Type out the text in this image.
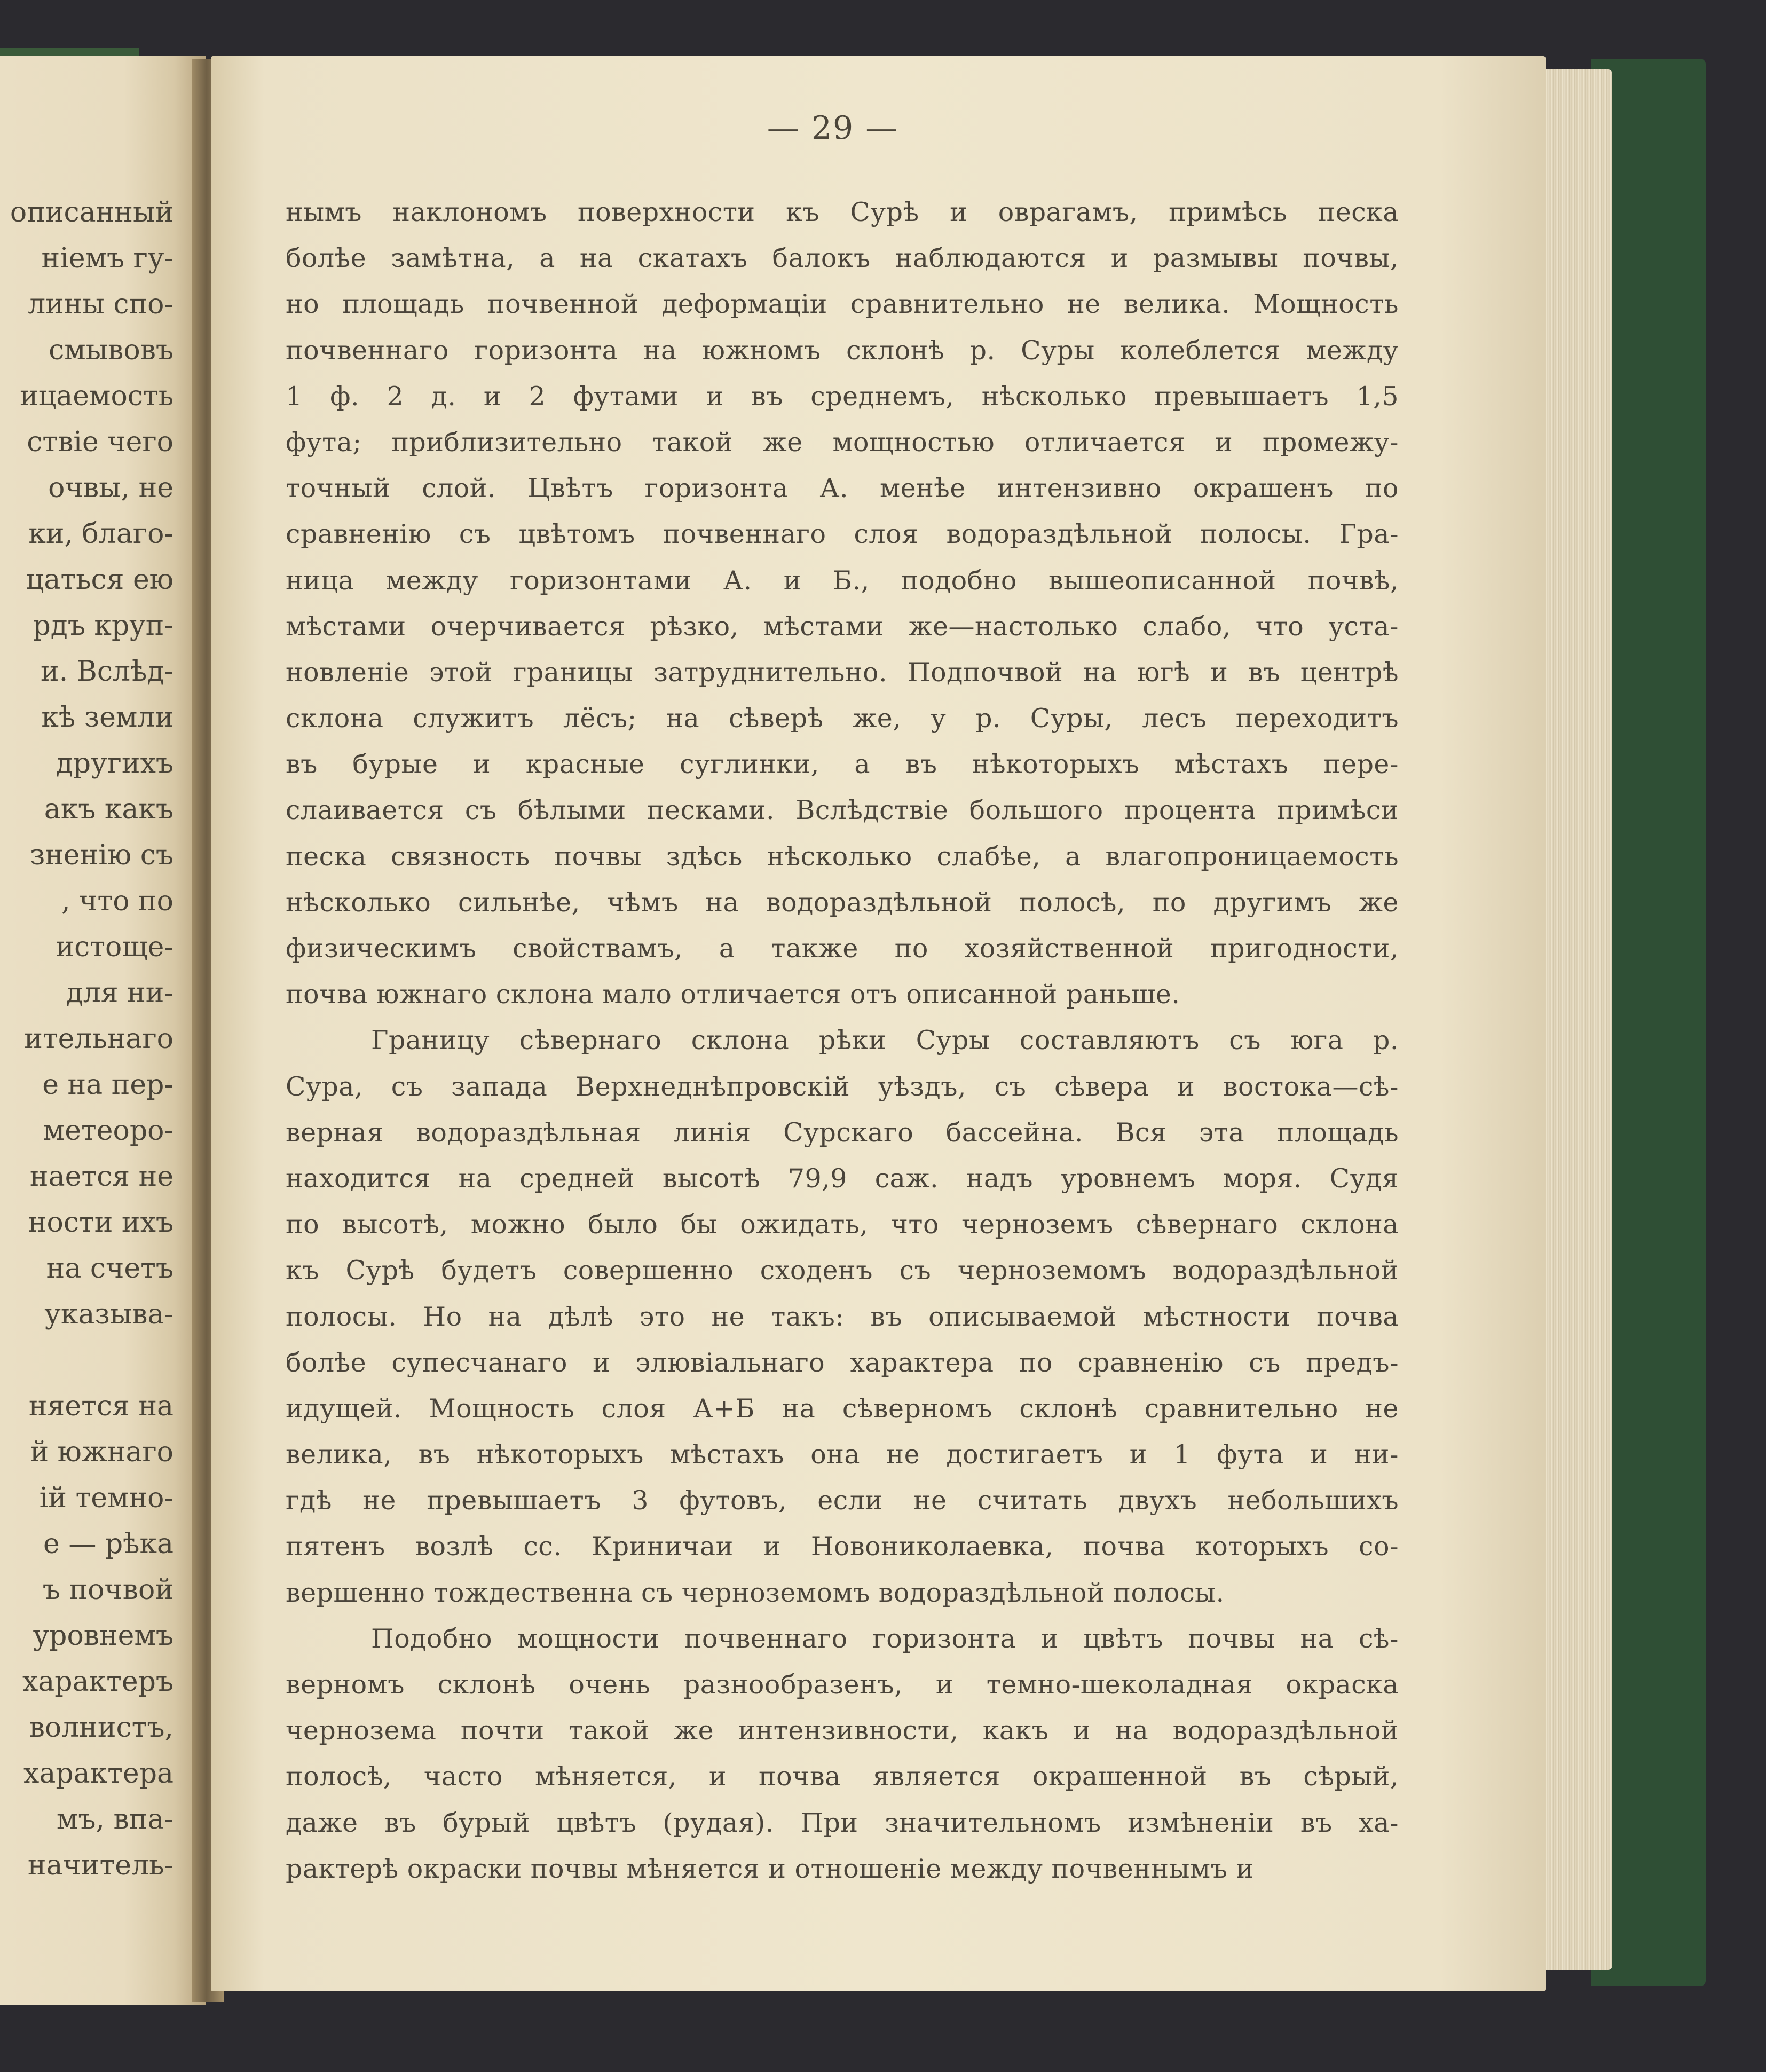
описанный
ніемъ гу-
лины спо-
смывовъ
ицаемость
ствіе чего
очвы, не
ки, благо-
цаться ею
рдъ круп-
и. Вслѣд-
кѣ земли
другихъ
акъ какъ
зненію съ
, что по
истоще-
для ни-
ительнаго
е на пер-
метеоро-
нается не
ности ихъ
на счетъ
указыва-
няется на
й южнаго
ій темно-
е — рѣка
ъ почвой
уровнемъ
характеръ
волнистъ,
характера
мъ, впа-
начитель-
— 29 —
нымъ наклономъ поверхности къ Сурѣ и оврагамъ, примѣсь песка
болѣе замѣтна, а на скатахъ балокъ наблюдаются и размывы почвы,
но площадь почвенной деформаціи сравнительно не велика. Мощность
почвеннаго горизонта на южномъ склонѣ р. Суры колеблется между
1 ф. 2 д. и 2 футами и въ среднемъ, нѣсколько превышаетъ 1,5
фута; приблизительно такой же мощностью отличается и промежу-
точный слой. Цвѣтъ горизонта А. менѣе интензивно окрашенъ по
сравненію съ цвѣтомъ почвеннаго слоя водораздѣльной полосы. Гра-
ница между горизонтами А. и Б., подобно вышеописанной почвѣ,
мѣстами очерчивается рѣзко, мѣстами же—настолько слабо, что уста-
новленіе этой границы затруднительно. Подпочвой на югѣ и въ центрѣ
склона служитъ лёсъ; на сѣверѣ же, у р. Суры, лесъ переходитъ
въ бурые и красные суглинки, а въ нѣкоторыхъ мѣстахъ пере-
слаивается съ бѣлыми песками. Вслѣдствіе большого процента примѣси
песка связность почвы здѣсь нѣсколько слабѣе, а влагопроницаемость
нѣсколько сильнѣе, чѣмъ на водораздѣльной полосѣ, по другимъ же
физическимъ свойствамъ, а также по хозяйственной пригодности,
почва южнаго склона мало отличается отъ описанной раньше.
Границу сѣвернаго склона рѣки Суры составляютъ съ юга р.
Сура, съ запада Верхнеднѣпровскій уѣздъ, съ сѣвера и востока—сѣ-
верная водораздѣльная линія Сурскаго бассейна. Вся эта площадь
находится на средней высотѣ 79,9 саж. надъ уровнемъ моря. Судя
по высотѣ, можно было бы ожидать, что черноземъ сѣвернаго склона
къ Сурѣ будетъ совершенно сходенъ съ черноземомъ водораздѣльной
полосы. Но на дѣлѣ это не такъ: въ описываемой мѣстности почва
болѣе супесчанаго и элювіальнаго характера по сравненію съ предъ-
идущей. Мощность слоя А+Б на сѣверномъ склонѣ сравнительно не
велика, въ нѣкоторыхъ мѣстахъ она не достигаетъ и 1 фута и ни-
гдѣ не превышаетъ 3 футовъ, если не считать двухъ небольшихъ
пятенъ возлѣ сс. Криничаи и Новониколаевка, почва которыхъ со-
вершенно тождественна съ черноземомъ водораздѣльной полосы.
Подобно мощности почвеннаго горизонта и цвѣтъ почвы на сѣ-
верномъ склонѣ очень разнообразенъ, и темно-шеколадная окраска
чернозема почти такой же интензивности, какъ и на водораздѣльной
полосѣ, часто мѣняется, и почва является окрашенной въ сѣрый,
даже въ бурый цвѣтъ (рудая). При значительномъ измѣненіи въ ха-
рактерѣ окраски почвы мѣняется и отношеніе между почвеннымъ и
